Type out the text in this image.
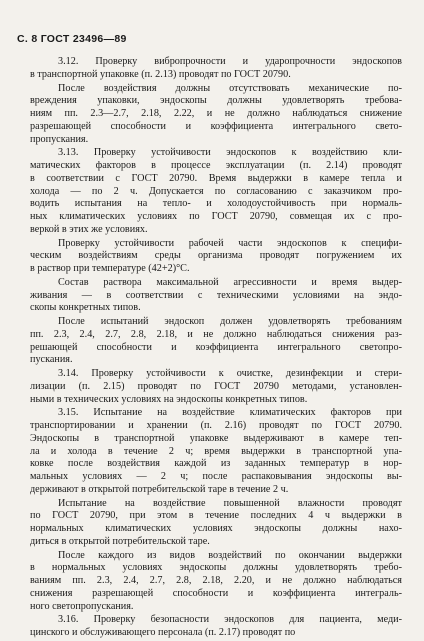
С. 8 ГОСТ 23496—89

3.12. Проверку вибропрочности и ударопрочности эндоскопов
в транспортной упаковке (п. 2.13) проводят по ГОСТ 20790.

После воздействия должны отсутствовать механические по-
вреждения упаковки, эндоскопы должны удовлетворять требова-
ниям пп. 2.3—2.7, 2.18, 2.22, и не должно наблюдаться снижение
разрешающей способности и коэффициента интегрального свето-
пропускания.

3.13. Проверку устойчивости эндоскопов к воздействию кли-
матических факторов в процессе эксплуатации (п. 2.14) проводят
в соответствии с ГОСТ 20790. Время выдержки в камере тепла и
холода — по 2 ч. Допускается по согласованию с заказчиком про-
водить испытания на тепло- и холодоустойчивость при нормаль-
ных климатических условиях по ГОСТ 20790, совмещая их с про-
веркой в этих же условиях.

Проверку устойчивости рабочей части эндоскопов к специфи-
ческим воздействиям среды организма проводят погружением их
в раствор при температуре (42+2)°С.

Состав раствора максимальной агрессивности и время выдер-
живания — в соответствии с техническими условиями на эндо-
скопы конкретных типов.

После испытаний эндоскоп должен удовлетворять требованиям
пп. 2.3, 2.4, 2.7, 2.8, 2.18, и не должно наблюдаться снижения раз-
решающей способности и коэффициента интегрального светопро-
пускания.

3.14. Проверку устойчивости к очистке, дезинфекции и стери-
лизации (п. 2.15) проводят по ГОСТ 20790 методами, установлен-
ными в технических условиях на эндоскопы конкретных типов.

3.15. Испытание на воздействие климатических факторов при
транспортировании и хранении (п. 2.16) проводят по ГОСТ 20790.
Эндоскопы в транспортной упаковке выдерживают в камере теп-
ла и холода в течение 2 ч; время выдержки в транспортной упа-
ковке после воздействия каждой из заданных температур в нор-
мальных условиях — 2 ч; после распаковывания эндоскопы вы-
держивают в открытой потребительской таре в течение 2 ч.

Испытание на воздействие повышенной влажности проводят
по ГОСТ 20790, при этом в течение последних 4 ч выдержки в
нормальных климатических условиях эндоскопы должны нахо-
диться в открытой потребительской таре.

После каждого из видов воздействий по окончании выдержки
в нормальных условиях эндоскопы должны удовлетворять требо-
ваниям пп. 2.3, 2.4, 2.7, 2.8, 2.18, 2.20, и не должно наблюдаться
снижения разрешающей способности и коэффициента интеграль-
ного светопропускания.

3.16. Проверку безопасности эндоскопов для пациента, меди-
цинского и обслуживающего персонала (п. 2.17) проводят по
